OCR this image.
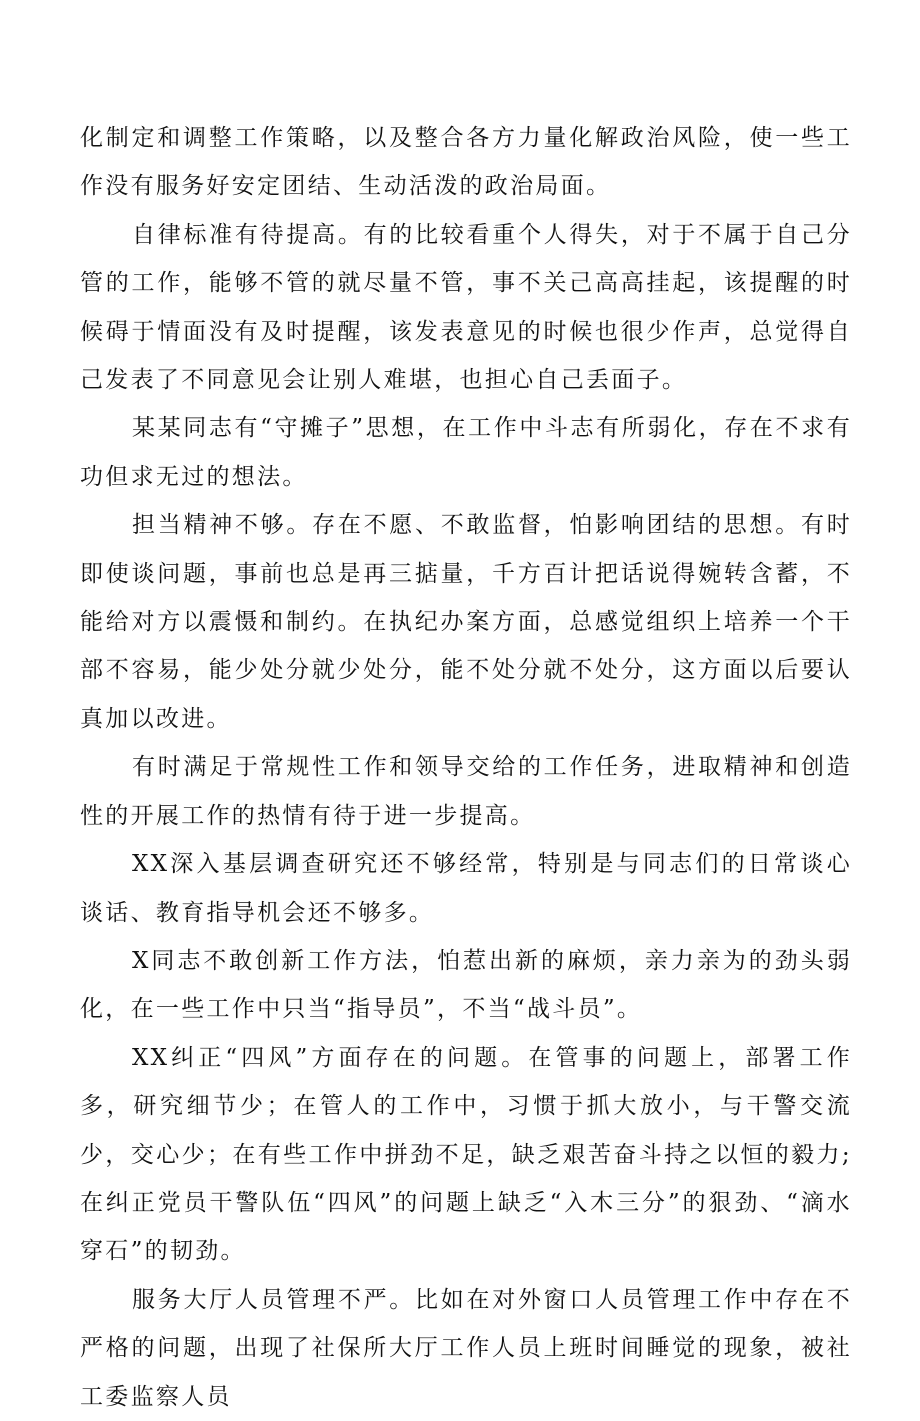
化制定和调整工作策略，以及整合各方力量化解政治风险，使一些工作没有服务好安定团结、生动活泼的政治局面。

自律标准有待提高。有的比较看重个人得失，对于不属于自己分管的工作，能够不管的就尽量不管，事不关己高高挂起，该提醒的时候碍于情面没有及时提醒，该发表意见的时候也很少作声，总觉得自己发表了不同意见会让别人难堪，也担心自己丢面子。

某某同志有“守摊子”思想，在工作中斗志有所弱化，存在不求有功但求无过的想法。

担当精神不够。存在不愿、不敢监督，怕影响团结的思想。有时即使谈问题，事前也总是再三掂量，千方百计把话说得婉转含蓄，不能给对方以震慑和制约。在执纪办案方面，总感觉组织上培养一个干部不容易，能少处分就少处分，能不处分就不处分，这方面以后要认真加以改进。

有时满足于常规性工作和领导交给的工作任务，进取精神和创造性的开展工作的热情有待于进一步提高。

XX深入基层调查研究还不够经常，特别是与同志们的日常谈心谈话、教育指导机会还不够多。

X同志不敢创新工作方法，怕惹出新的麻烦，亲力亲为的劲头弱化，在一些工作中只当“指导员”，不当“战斗员”。

XX纠正“四风”方面存在的问题。在管事的问题上，部署工作多，研究细节少；在管人的工作中，习惯于抓大放小，与干警交流少，交心少；在有些工作中拼劲不足，缺乏艰苦奋斗持之以恒的毅力;在纠正党员干警队伍“四风”的问题上缺乏“入木三分”的狠劲、“滴水穿石”的韧劲。

服务大厅人员管理不严。比如在对外窗口人员管理工作中存在不严格的问题，出现了社保所大厅工作人员上班时间睡觉的现象，被社工委监察人员
